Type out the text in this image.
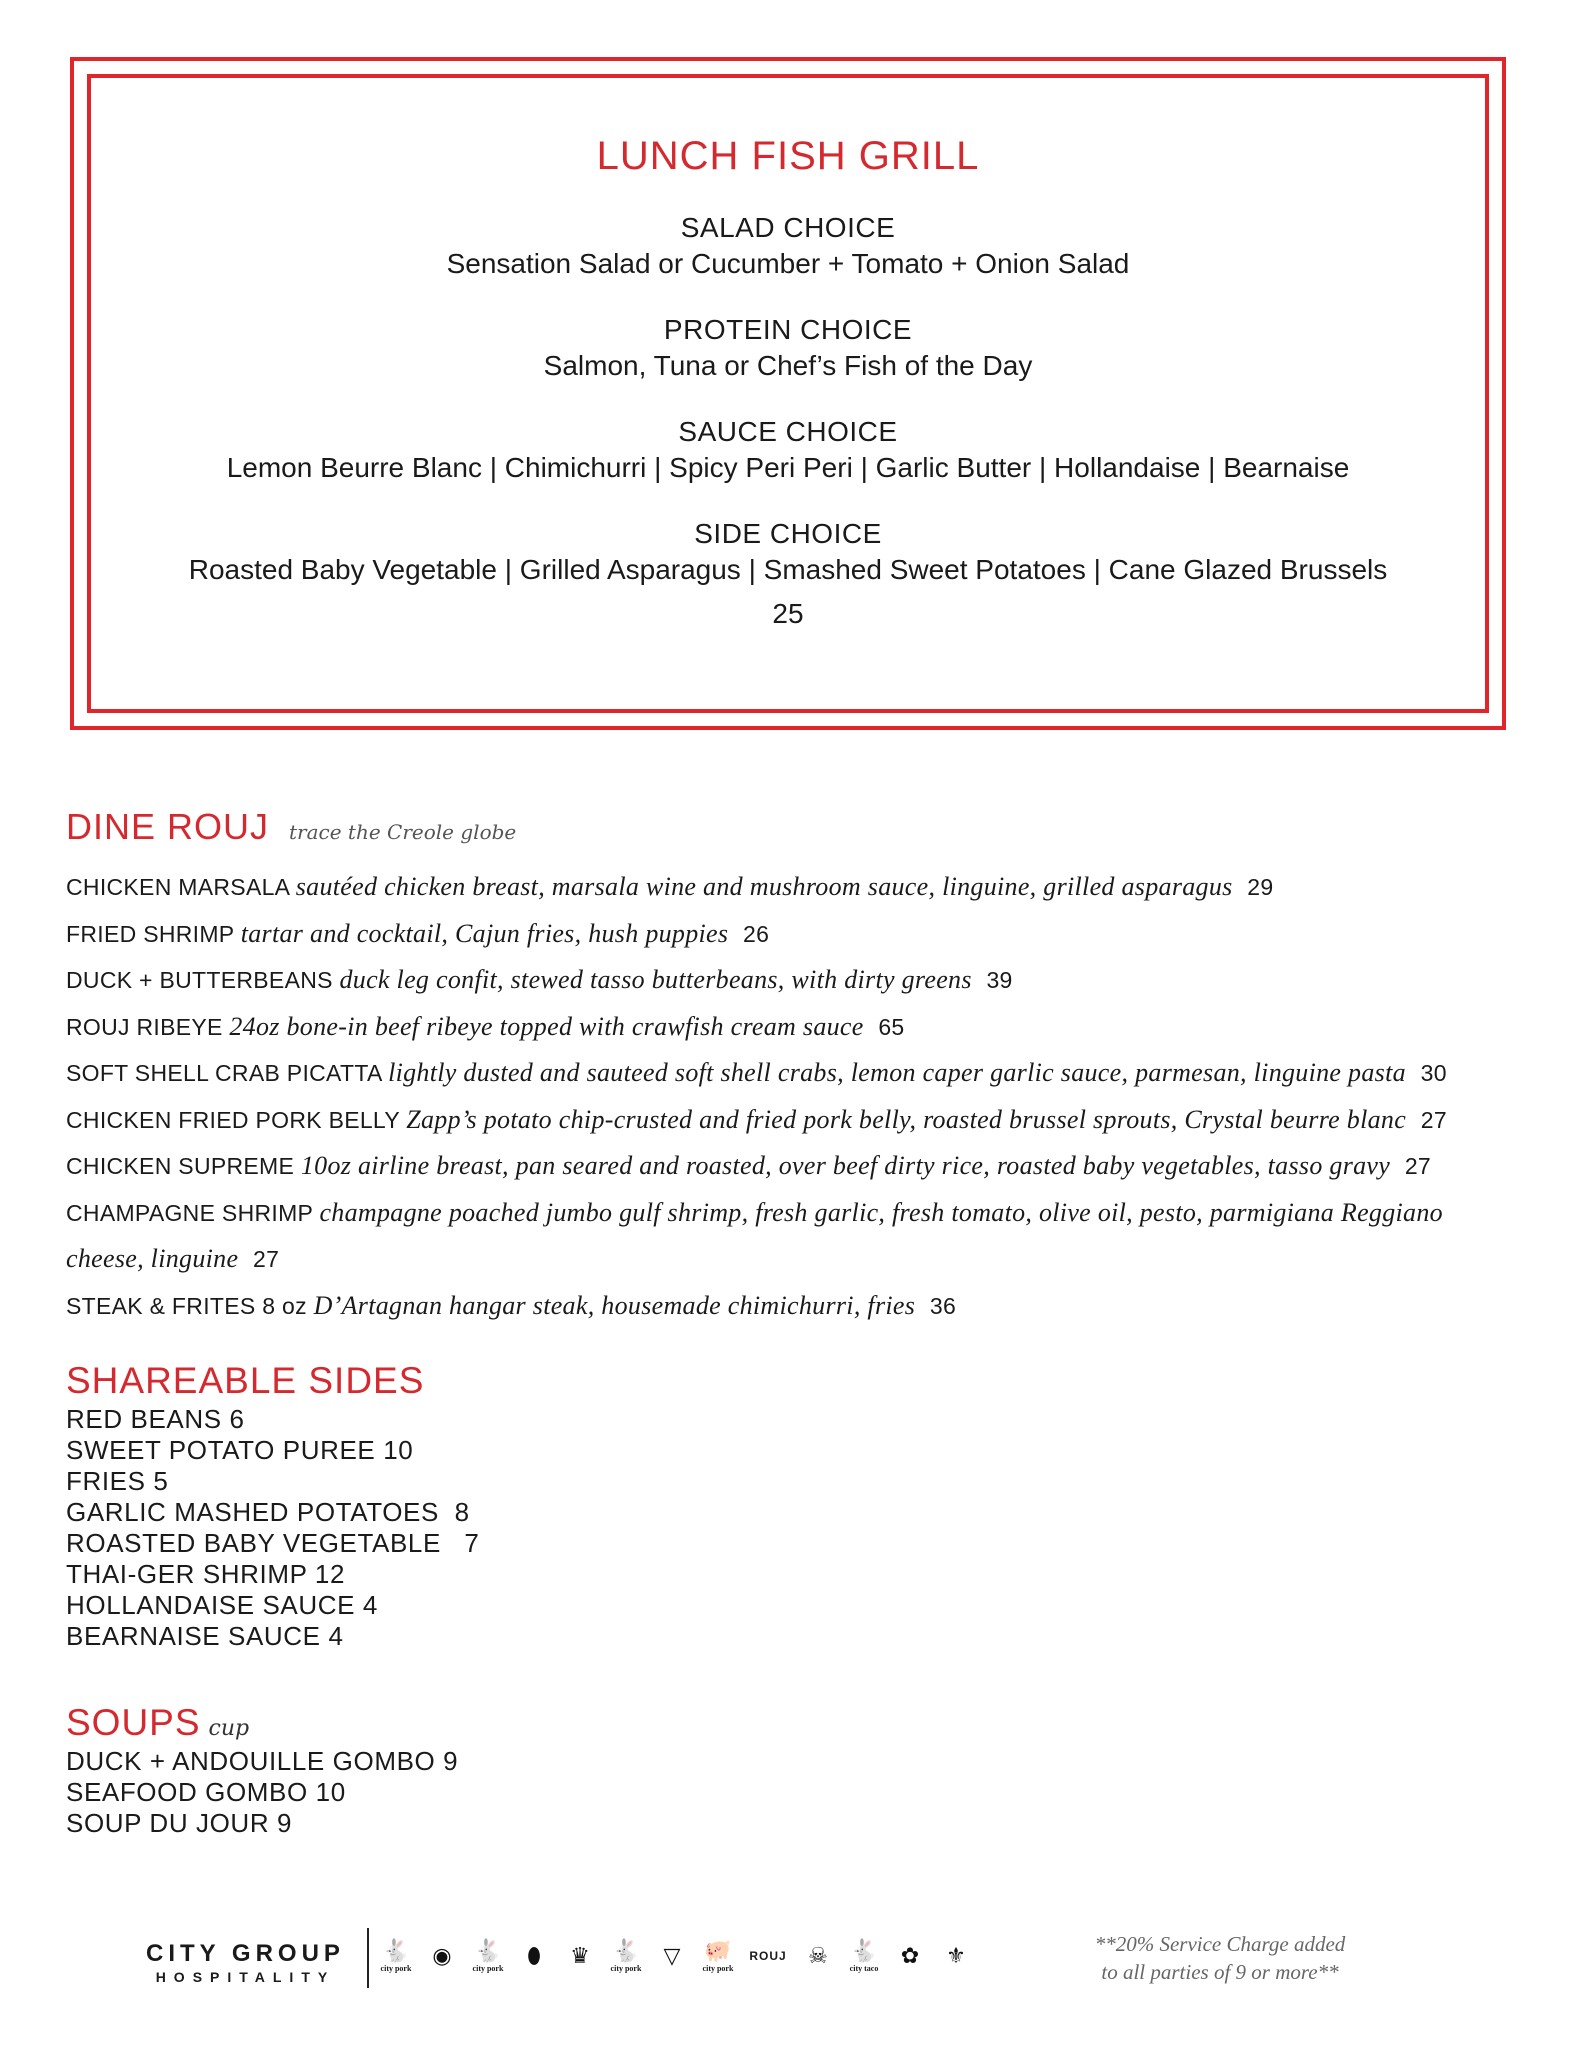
LUNCH FISH GRILL
SALAD CHOICE
Sensation Salad or Cucumber + Tomato + Onion Salad
PROTEIN CHOICE
Salmon, Tuna or Chef’s Fish of the Day
SAUCE CHOICE
Lemon Beurre Blanc | Chimichurri | Spicy Peri Peri | Garlic Butter | Hollandaise | Bearnaise
SIDE CHOICE
Roasted Baby Vegetable | Grilled Asparagus | Smashed Sweet Potatoes | Cane Glazed Brussels
25
DINE ROUJ trace the Creole globe
CHICKEN MARSALA sautéed chicken breast, marsala wine and mushroom sauce, linguine, grilled asparagus 29
FRIED SHRIMP tartar and cocktail, Cajun fries, hush puppies 26
DUCK + BUTTERBEANS duck leg confit, stewed tasso butterbeans, with dirty greens 39
ROUJ RIBEYE 24oz bone-in beef ribeye topped with crawfish cream sauce 65
SOFT SHELL CRAB PICATTA lightly dusted and sauteed soft shell crabs, lemon caper garlic sauce, parmesan, linguine pasta 30
CHICKEN FRIED PORK BELLY Zapp’s potato chip-crusted and fried pork belly, roasted brussel sprouts, Crystal beurre blanc 27
CHICKEN SUPREME 10oz airline breast, pan seared and roasted, over beef dirty rice, roasted baby vegetables, tasso gravy 27
CHAMPAGNE SHRIMP champagne poached jumbo gulf shrimp, fresh garlic, fresh tomato, olive oil, pesto, parmigiana Reggiano cheese, linguine 27
STEAK & FRITES 8 oz D’Artagnan hangar steak, housemade chimichurri, fries 36
SHAREABLE SIDES
RED BEANS 6
SWEET POTATO PUREE 10
FRIES 5
GARLIC MASHED POTATOES  8
ROASTED BABY VEGETABLE   7
THAI-GER SHRIMP 12
HOLLANDAISE SAUCE 4
BEARNAISE SAUCE 4
SOUPS cup
DUCK + ANDOUILLE GOMBO 9
SEAFOOD GOMBO 10
SOUP DU JOUR 9
CITY GROUP
HOSPITALITY
🐇
city pork
◉ 🐇
city pork
⬮ ♛ 🐇
city pork
▽ 🐖
city pork
ROUJ ☠ 🐇
city taco
✿ ⚜	**20% Service Charge added to all parties of 9 or more**
